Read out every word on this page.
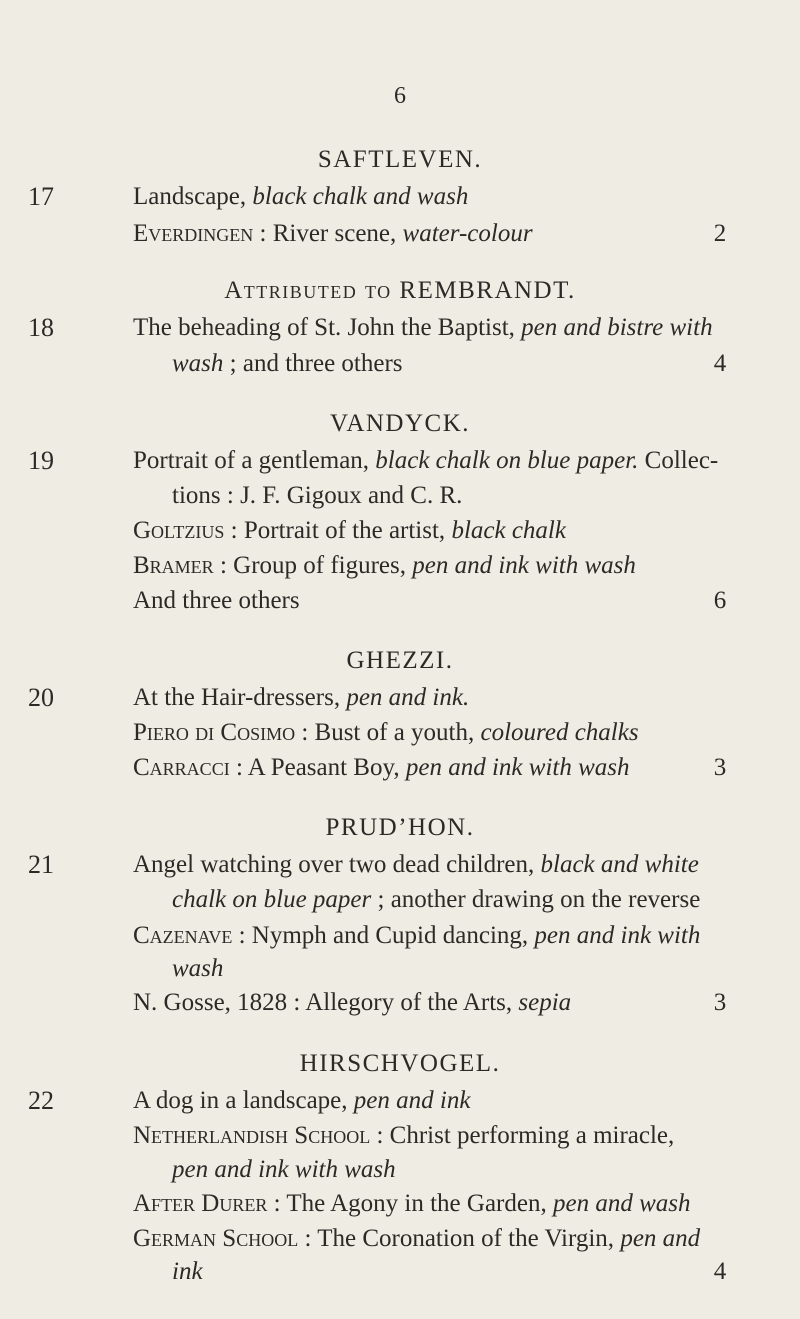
6
SAFTLEVEN.
17	Landscape, black chalk and wash
Everdingen : River scene, water-colour	2
Attributed to REMBRANDT.
18	The beheading of St. John the Baptist, pen and bistre with
wash ; and three others	4
VANDYCK.
19	Portrait of a gentleman, black chalk on blue paper. Collec-
tions : J. F. Gigoux and C. R.
Goltzius : Portrait of the artist, black chalk
Bramer : Group of figures, pen and ink with wash
And three others	6
GHEZZI.
20	At the Hair-dressers, pen and ink.
Piero di Cosimo : Bust of a youth, coloured chalks
Carracci : A Peasant Boy, pen and ink with wash	3
PRUD’HON.
21	Angel watching over two dead children, black and white
chalk on blue paper ; another drawing on the reverse
Cazenave : Nymph and Cupid dancing, pen and ink with
wash
N. Gosse, 1828 : Allegory of the Arts, sepia	3
HIRSCHVOGEL.
22	A dog in a landscape, pen and ink
Netherlandish School : Christ performing a miracle,
pen and ink with wash
After Durer : The Agony in the Garden, pen and wash
German School : The Coronation of the Virgin, pen and
ink	4
